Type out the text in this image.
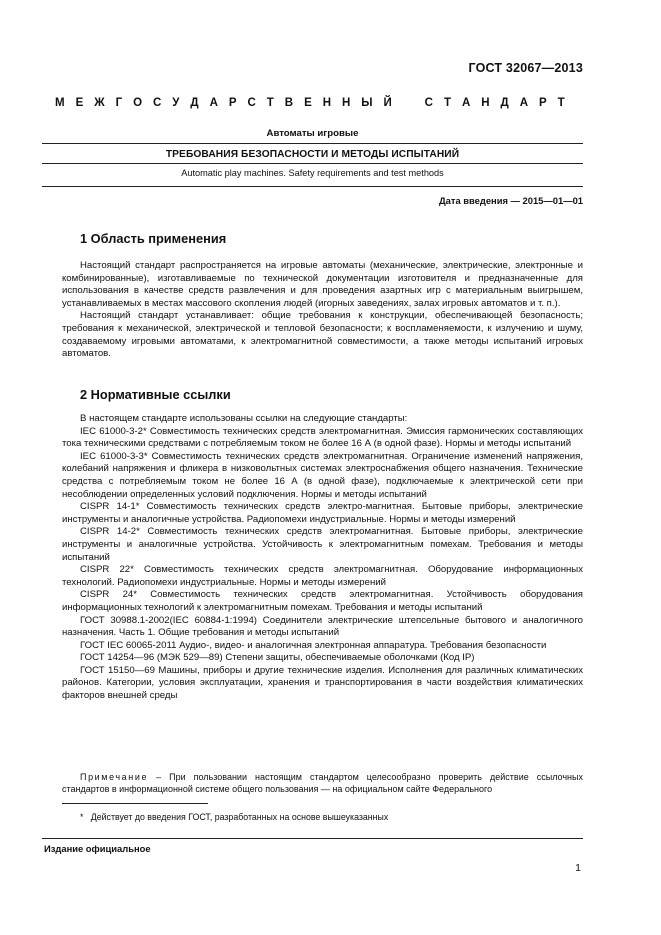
ГОСТ 32067—2013
М Е Ж Г О С У Д А Р С Т В Е Н Н Ы Й	С Т А Н Д А Р Т
Автоматы игровые
ТРЕБОВАНИЯ БЕЗОПАСНОСТИ И МЕТОДЫ ИСПЫТАНИЙ
Automatic play machines. Safety requirements and test methods
Дата введения — 2015—01—01
1 Область применения

Настоящий стандарт распространяется на игровые автоматы (механические, электрические, электронные и комбинированные), изготавливаемые по технической документации изготовителя и предназначенные для использования в качестве средств развлечения и для проведения азартных игр с материальным выигрышем, устанавливаемых в местах массового скопления людей (игорных заведениях, залах игровых автоматов и т. п.).

Настоящий стандарт устанавливает: общие требования к конструкции, обеспечивающей безопасность; требования к механической, электрической и тепловой безопасности; к воспламеняемости, к излучению и шуму, создаваемому игровыми автоматами, к электромагнитной совместимости, а также методы испытаний игровых автоматов.

2 Нормативные ссылки

В настоящем стандарте использованы ссылки на следующие стандарты:

IEC 61000-3-2* Совместимость технических средств электромагнитная. Эмиссия гармонических составляющих тока техническими средствами с потребляемым током не более 16 А (в одной фазе). Нормы и методы испытаний

IEC 61000-3-3* Совместимость технических средств электромагнитная. Ограничение изменений напряжения, колебаний напряжения и фликера в низковольтных системах электроснабжения общего назначения. Технические средства с потребляемым током не более 16 А (в одной фазе), подключаемые к электрической сети при несоблюдении определенных условий подключения. Нормы и методы испытаний

CISPR 14-1* Совместимость технических средств электро-магнитная. Бытовые приборы, электрические инструменты и аналогичные устройства. Радиопомехи индустриальные. Нормы и методы измерений

CISPR 14-2* Совместимость технических средств электромагнитная. Бытовые приборы, электрические инструменты и аналогичные устройства. Устойчивость к электромагнитным помехам. Требования и методы испытаний

CISPR 22* Совместимость технических средств электромагнитная. Оборудование информационных технологий. Радиопомехи индустриальные. Нормы и методы измерений

CISPR 24* Совместимость технических средств электромагнитная. Устойчивость оборудования информационных технологий к электромагнитным помехам. Требования и методы испытаний

ГОСТ 30988.1-2002(IEC 60884-1:1994) Соединители электрические штепсельные бытового и аналогичного назначения. Часть 1. Общие требования и методы испытаний

ГОСТ IEC 60065-2011 Аудио-, видео- и аналогичная электронная аппаратура. Требования безопасности

ГОСТ 14254—96 (МЭК 529—89) Степени защиты, обеспечиваемые оболочками (Код IP)

ГОСТ 15150—69 Машины, приборы и другие технические изделия. Исполнения для различных климатических районов. Категории, условия эксплуатации, хранения и транспортирования в части воздействия климатических факторов внешней среды

Примечание – При пользовании настоящим стандартом целесообразно проверить действие ссылочных стандартов в информационной системе общего пользования — на официальном сайте Федерального

* Действует до введения ГОСТ, разработанных на основе вышеуказанных
Издание официальное
1
